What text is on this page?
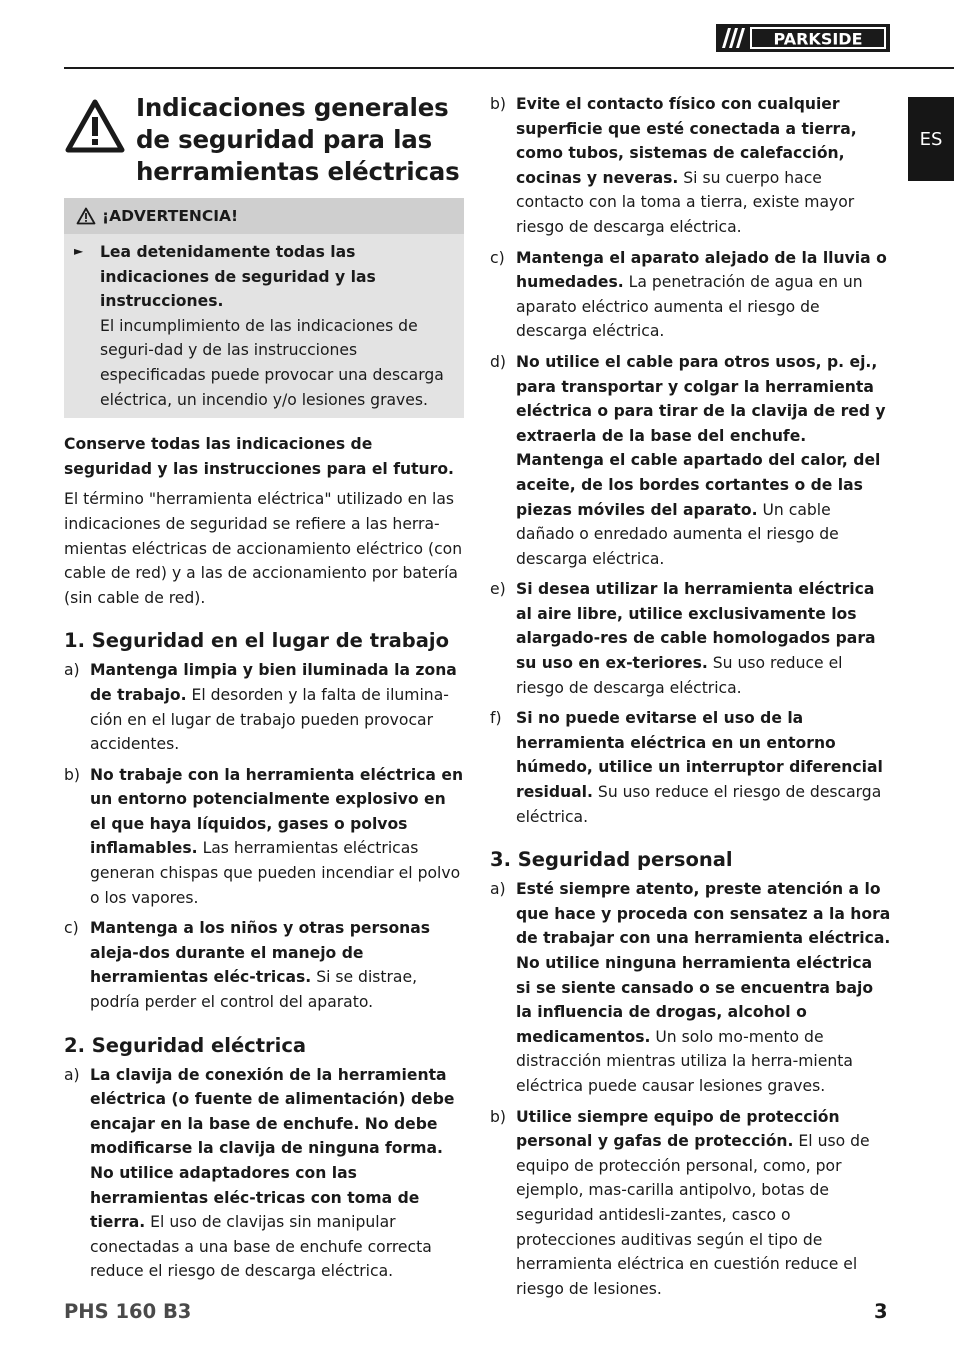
PARKSIDE
ES
Indicaciones generales de seguridad para las herramientas eléctricas
¡ADVERTENCIA!
►	Lea detenidamente todas las indicaciones de seguridad y las instrucciones.

El incumplimiento de las indicaciones de seguri-dad y de las instrucciones especificadas puede provocar una descarga eléctrica, un incendio y/o lesiones graves.

Conserve todas las indicaciones de seguridad y las instrucciones para el futuro.

El término "herramienta eléctrica" utilizado en las indicaciones de seguridad se refiere a las herra-mientas eléctricas de accionamiento eléctrico (con cable de red) y a las de accionamiento por batería (sin cable de red).

1. Seguridad en el lugar de trabajo
a) Mantenga limpia y bien iluminada la zona de trabajo. El desorden y la falta de ilumina-ción en el lugar de trabajo pueden provocar accidentes.
b) No trabaje con la herramienta eléctrica en un entorno potencialmente explosivo en el que haya líquidos, gases o polvos inflamables. Las herramientas eléctricas generan chispas que pueden incendiar el polvo o los vapores.
c) Mantenga a los niños y otras personas aleja-dos durante el manejo de herramientas eléc-tricas. Si se distrae, podría perder el control del aparato.
2. Seguridad eléctrica
a) La clavija de conexión de la herramienta eléctrica (o fuente de alimentación) debe encajar en la base de enchufe. No debe modificarse la clavija de ninguna forma. No utilice adaptadores con las herramientas eléc-tricas con toma de tierra. El uso de clavijas sin manipular conectadas a una base de enchufe correcta reduce el riesgo de descarga eléctrica.
b) Evite el contacto físico con cualquier superficie que esté conectada a tierra, como tubos, sistemas de calefacción, cocinas y neveras. Si su cuerpo hace contacto con la toma a tierra, existe mayor riesgo de descarga eléctrica.
c) Mantenga el aparato alejado de la lluvia o humedades. La penetración de agua en un aparato eléctrico aumenta el riesgo de descarga eléctrica.
d) No utilice el cable para otros usos, p. ej., para transportar y colgar la herramienta eléctrica o para tirar de la clavija de red y extraerla de la base del enchufe. Mantenga el cable apartado del calor, del aceite, de los bordes cortantes o de las piezas móviles del aparato. Un cable dañado o enredado aumenta el riesgo de descarga eléctrica.
e) Si desea utilizar la herramienta eléctrica al aire libre, utilice exclusivamente los alargado-res de cable homologados para su uso en ex-teriores. Su uso reduce el riesgo de descarga eléctrica.
f) Si no puede evitarse el uso de la herramienta eléctrica en un entorno húmedo, utilice un interruptor diferencial residual. Su uso reduce el riesgo de descarga eléctrica.
3. Seguridad personal
a) Esté siempre atento, preste atención a lo que hace y proceda con sensatez a la hora de trabajar con una herramienta eléctrica. No utilice ninguna herramienta eléctrica si se siente cansado o se encuentra bajo la influencia de drogas, alcohol o medicamentos. Un solo mo-mento de distracción mientras utiliza la herra-mienta eléctrica puede causar lesiones graves.
b) Utilice siempre equipo de protección personal y gafas de protección. El uso de equipo de protección personal, como, por ejemplo, mas-carilla antipolvo, botas de seguridad antidesli-zantes, casco o protecciones auditivas según el tipo de herramienta eléctrica en cuestión reduce el riesgo de lesiones.
PHS 160 B3	3
